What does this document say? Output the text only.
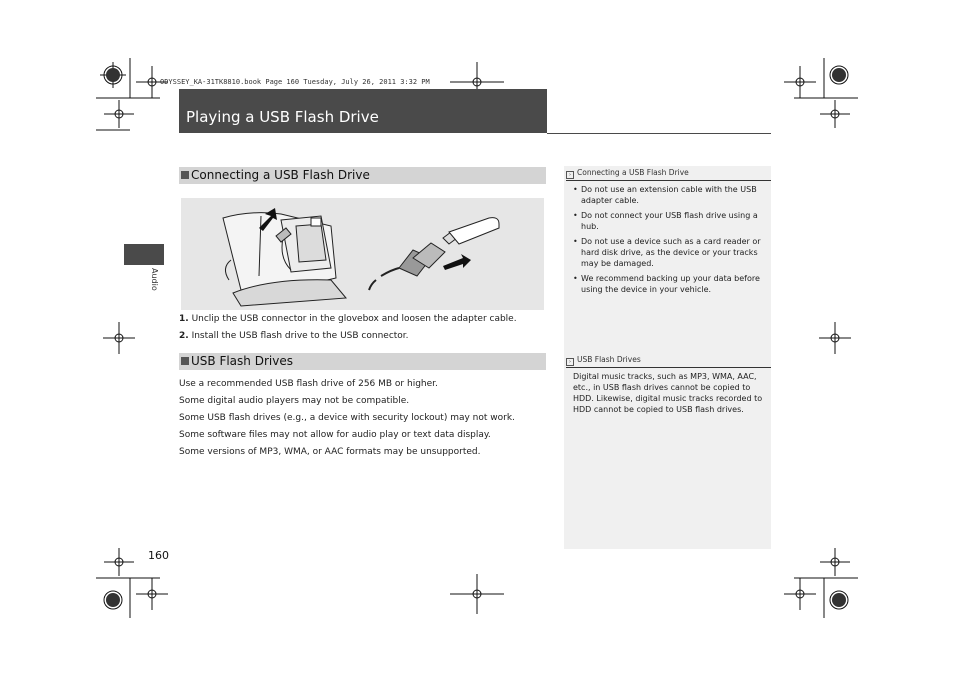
ODYSSEY_KA-31TK8810.book Page 160 Tuesday, July 26, 2011 3:32 PM
Playing a USB Flash Drive
Audio
Connecting a USB Flash Drive
1. Unclip the USB connector in the glovebox and loosen the adapter cable.
2. Install the USB flash drive to the USB connector.
USB Flash Drives
Use a recommended USB flash drive of 256 MB or higher.
Some digital audio players may not be compatible.
Some USB flash drives (e.g., a device with security lockout) may not work.
Some software files may not allow for audio play or text data display.
Some versions of MP3, WMA, or AAC formats may be unsupported.
› Connecting a USB Flash Drive
• Do not use an extension cable with the USB
adapter cable.
• Do not connect your USB flash drive using a
hub.
• Do not use a device such as a card reader or
hard disk drive, as the device or your tracks
may be damaged.
• We recommend backing up your data before
using the device in your vehicle.
› USB Flash Drives
Digital music tracks, such as MP3, WMA, AAC,
etc., in USB flash drives cannot be copied to
HDD. Likewise, digital music tracks recorded to
HDD cannot be copied to USB flash drives.
160
